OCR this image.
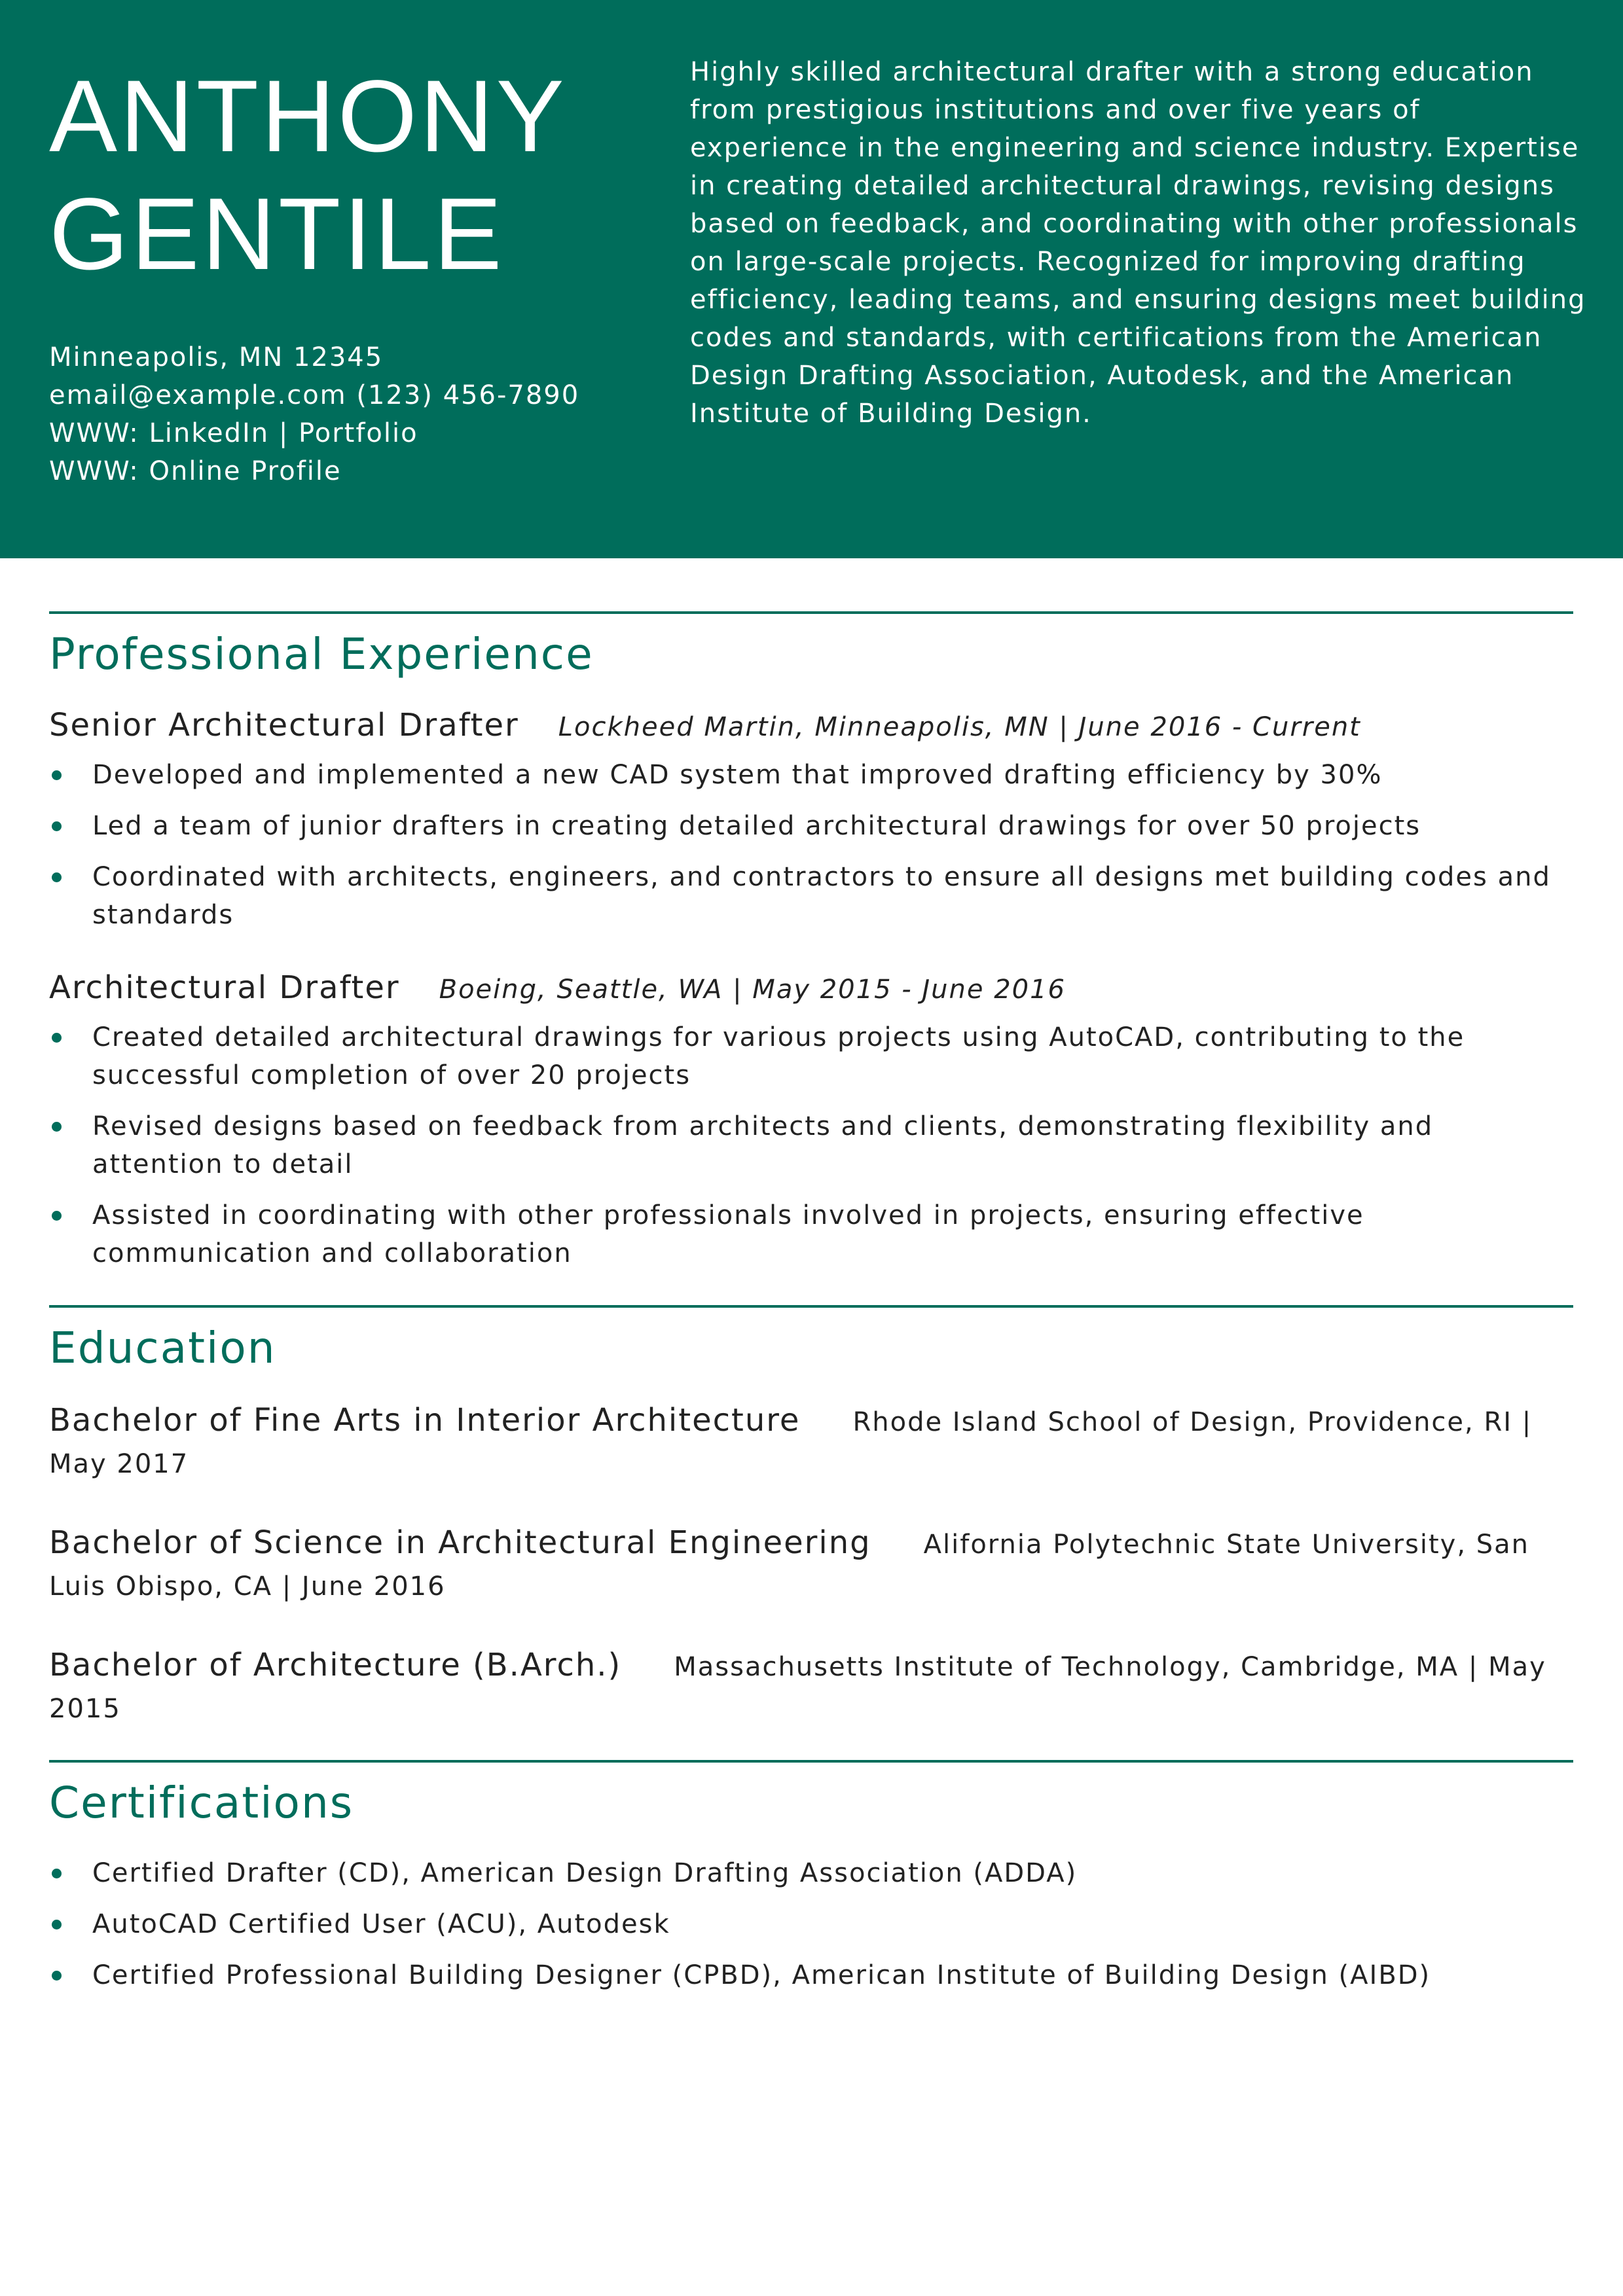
ANTHONY
GENTILE
Minneapolis, MN 12345
email@example.com (123) 456-7890
WWW: LinkedIn | Portfolio
WWW: Online Profile

Highly skilled architectural drafter with a strong education from prestigious institutions and over five years of experience in the engineering and science industry. Expertise in creating detailed architectural drawings, revising designs based on feedback, and coordinating with other professionals on large-scale projects. Recognized for improving drafting efficiency, leading teams, and ensuring designs meet building codes and standards, with certifications from the American Design Drafting Association, Autodesk, and the American Institute of Building Design.

Professional Experience
Senior Architectural Drafter Lockheed Martin, Minneapolis, MN | June 2016 - Current
Developed and implemented a new CAD system that improved drafting efficiency by 30%
Led a team of junior drafters in creating detailed architectural drawings for over 50 projects
Coordinated with architects, engineers, and contractors to ensure all designs met building codes and standards
Architectural Drafter Boeing, Seattle, WA | May 2015 - June 2016
Created detailed architectural drawings for various projects using AutoCAD, contributing to the successful completion of over 20 projects
Revised designs based on feedback from architects and clients, demonstrating flexibility and attention to detail
Assisted in coordinating with other professionals involved in projects, ensuring effective communication and collaboration
Education
Bachelor of Fine Arts in Interior Architecture Rhode Island School of Design, Providence, RI | May 2017
Bachelor of Science in Architectural Engineering Alifornia Polytechnic State University, San Luis Obispo, CA | June 2016
Bachelor of Architecture (B.Arch.) Massachusetts Institute of Technology, Cambridge, MA | May 2015
Certifications
Certified Drafter (CD), American Design Drafting Association (ADDA)
AutoCAD Certified User (ACU), Autodesk
Certified Professional Building Designer (CPBD), American Institute of Building Design (AIBD)
